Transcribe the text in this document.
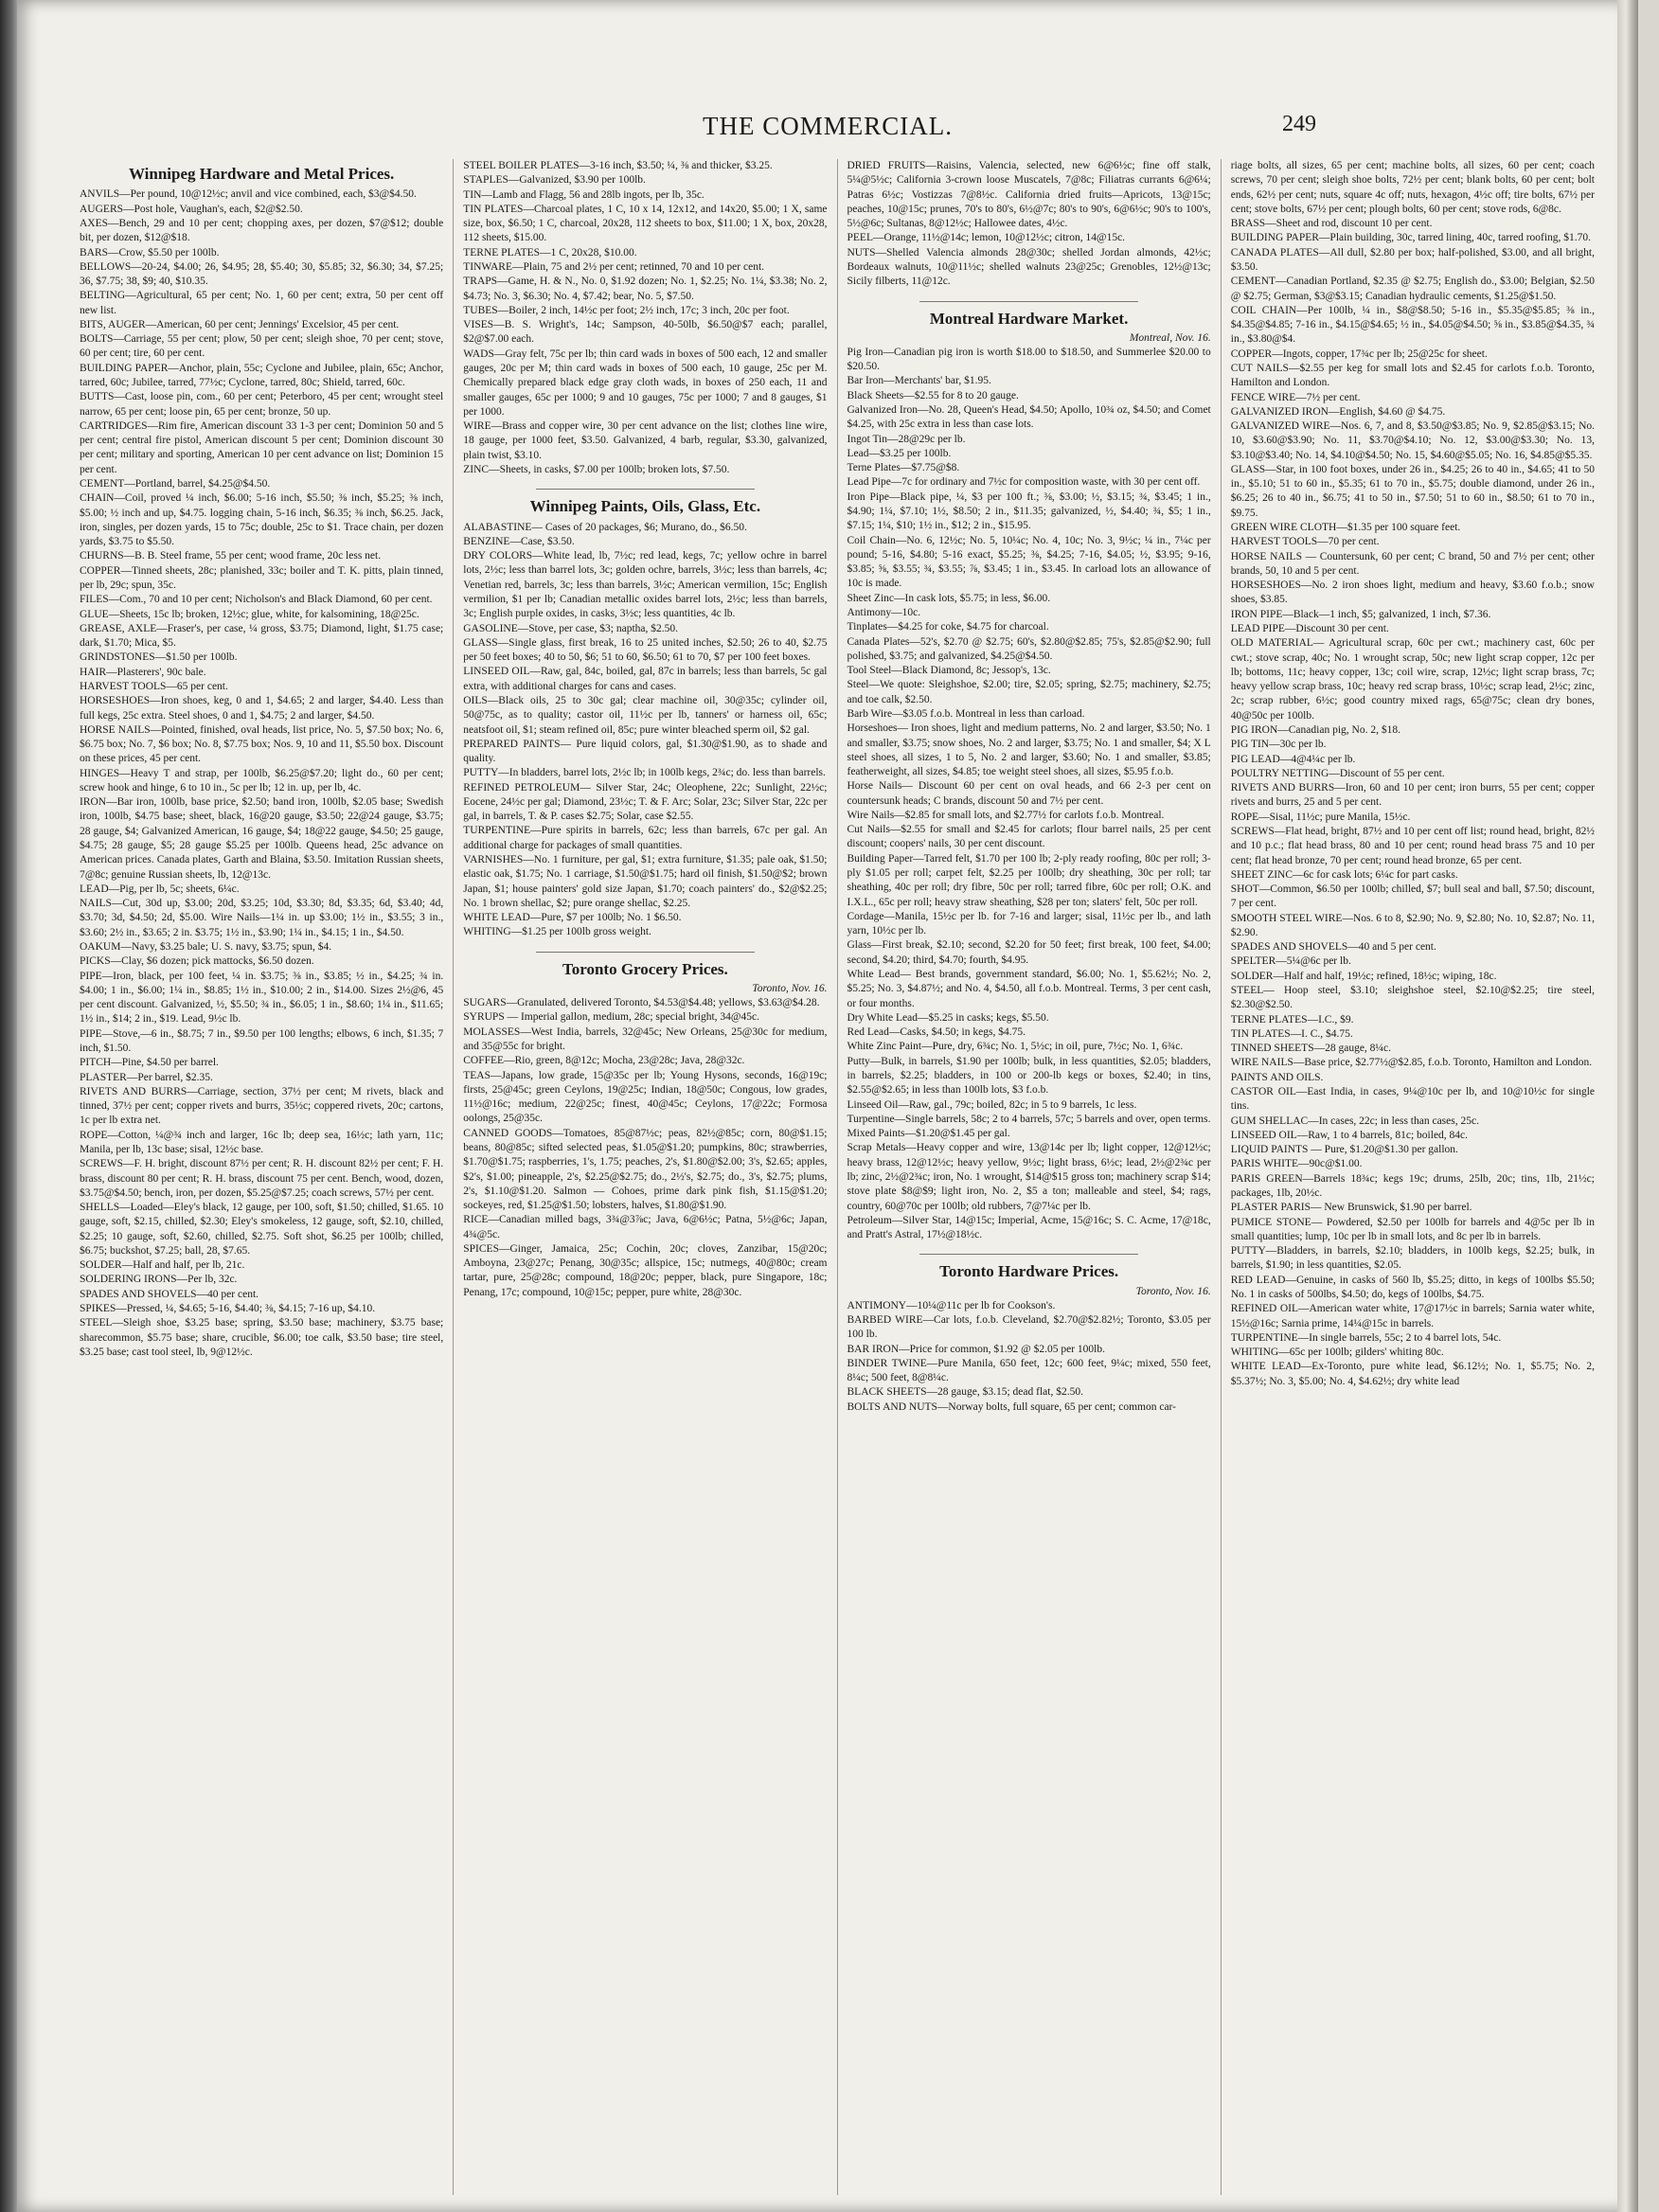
THE COMMERCIAL.	249
Winnipeg Hardware and Metal Prices.

ANVILS—Per pound, 10@12½c; anvil and vice combined, each, $3@$4.50.
AUGERS—Post hole, Vaughan's, each, $2@$2.50.
AXES—Bench, 29 and 10 per cent; chopping axes, per dozen, $7@$12; double bit, per dozen, $12@$18.
BARS—Crow, $5.50 per 100lb.
BELLOWS—20-24, $4.00; 26, $4.95; 28, $5.40; 30, $5.85; 32, $6.30; 34, $7.25; 36, $7.75; 38, $9; 40, $10.35.
BELTING—Agricultural, 65 per cent; No. 1, 60 per cent; extra, 50 per cent off new list.
BITS, AUGER—American, 60 per cent; Jennings' Excelsior, 45 per cent.
BOLTS—Carriage, 55 per cent; plow, 50 per cent; sleigh shoe, 70 per cent; stove, 60 per cent; tire, 60 per cent.
BUILDING PAPER—Anchor, plain, 55c; Cyclone and Jubilee, plain, 65c; Anchor, tarred, 60c; Jubilee, tarred, 77½c; Cyclone, tarred, 80c; Shield, tarred, 60c.
BUTTS—Cast, loose pin, com., 60 per cent; Peterboro, 45 per cent; wrought steel narrow, 65 per cent; loose pin, 65 per cent; bronze, 50 up.
CARTRIDGES—Rim fire, American discount 33 1-3 per cent; Dominion 50 and 5 per cent; central fire pistol, American discount 5 per cent; Dominion discount 30 per cent; military and sporting, American 10 per cent advance on list; Dominion 15 per cent.
CEMENT—Portland, barrel, $4.25@$4.50.
CHAIN—Coil, proved ¼ inch, $6.00; 5-16 inch, $5.50; ⅜ inch, $5.25; ⅜ inch, $5.00; ½ inch and up, $4.75. logging chain, 5-16 inch, $6.35; ⅜ inch, $6.25. Jack, iron, singles, per dozen yards, 15 to 75c; double, 25c to $1. Trace chain, per dozen yards, $3.75 to $5.50.
CHURNS—B. B. Steel frame, 55 per cent; wood frame, 20c less net.
COPPER—Tinned sheets, 28c; planished, 33c; boiler and T. K. pitts, plain tinned, per lb, 29c; spun, 35c.
FILES—Com., 70 and 10 per cent; Nicholson's and Black Diamond, 60 per cent.
GLUE—Sheets, 15c lb; broken, 12½c; glue, white, for kalsomining, 18@25c.
GREASE, AXLE—Fraser's, per case, ¼ gross, $3.75; Diamond, light, $1.75 case; dark, $1.70; Mica, $5.
GRINDSTONES—$1.50 per 100lb.
HAIR—Plasterers', 90c bale.
HARVEST TOOLS—65 per cent.
HORSESHOES—Iron shoes, keg, 0 and 1, $4.65; 2 and larger, $4.40. Less than full kegs, 25c extra. Steel shoes, 0 and 1, $4.75; 2 and larger, $4.50.
HORSE NAILS—Pointed, finished, oval heads, list price, No. 5, $7.50 box; No. 6, $6.75 box; No. 7, $6 box; No. 8, $7.75 box; Nos. 9, 10 and 11, $5.50 box. Discount on these prices, 45 per cent.
HINGES—Heavy T and strap, per 100lb, $6.25@$7.20; light do., 60 per cent; screw hook and hinge, 6 to 10 in., 5c per lb; 12 in. up, per lb, 4c.
IRON—Bar iron, 100lb, base price, $2.50; band iron, 100lb, $2.05 base; Swedish iron, 100lb, $4.75 base; sheet, black, 16@20 gauge, $3.50; 22@24 gauge, $3.75; 28 gauge, $4; Galvanized American, 16 gauge, $4; 18@22 gauge, $4.50; 25 gauge, $4.75; 28 gauge, $5; 28 gauge $5.25 per 100lb. Queens head, 25c advance on American prices. Canada plates, Garth and Blaina, $3.50. Imitation Russian sheets, 7@8c; genuine Russian sheets, lb, 12@13c.
LEAD—Pig, per lb, 5c; sheets, 6¼c.
NAILS—Cut, 30d up, $3.00; 20d, $3.25; 10d, $3.30; 8d, $3.35; 6d, $3.40; 4d, $3.70; 3d, $4.50; 2d, $5.00. Wire Nails—1¼ in. up $3.00; 1½ in., $3.55; 3 in., $3.60; 2½ in., $3.65; 2 in. $3.75; 1½ in., $3.90; 1¼ in., $4.15; 1 in., $4.50.
OAKUM—Navy, $3.25 bale; U. S. navy, $3.75; spun, $4.
PICKS—Clay, $6 dozen; pick mattocks, $6.50 dozen.
PIPE—Iron, black, per 100 feet, ¼ in. $3.75; ⅜ in., $3.85; ½ in., $4.25; ¾ in. $4.00; 1 in., $6.00; 1¼ in., $8.85; 1½ in., $10.00; 2 in., $14.00. Sizes 2½@6, 45 per cent discount. Galvanized, ½, $5.50; ¾ in., $6.05; 1 in., $8.60; 1¼ in., $11.65; 1½ in., $14; 2 in., $19. Lead, 9½c lb.
PIPE—Stove,—6 in., $8.75; 7 in., $9.50 per 100 lengths; elbows, 6 inch, $1.35; 7 inch, $1.50.
PITCH—Pine, $4.50 per barrel.
PLASTER—Per barrel, $2.35.
RIVETS AND BURRS—Carriage, section, 37½ per cent; M rivets, black and tinned, 37½ per cent; copper rivets and burrs, 35½c; coppered rivets, 20c; cartons, 1c per lb extra net.
ROPE—Cotton, ¼@¾ inch and larger, 16c lb; deep sea, 16½c; lath yarn, 11c; Manila, per lb, 13c base; sisal, 12½c base.
SCREWS—F. H. bright, discount 87½ per cent; R. H. discount 82½ per cent; F. H. brass, discount 80 per cent; R. H. brass, discount 75 per cent. Bench, wood, dozen, $3.75@$4.50; bench, iron, per dozen, $5.25@$7.25; coach screws, 57½ per cent.
SHELLS—Loaded—Eley's black, 12 gauge, per 100, soft, $1.50; chilled, $1.65. 10 gauge, soft, $2.15, chilled, $2.30; Eley's smokeless, 12 gauge, soft, $2.10, chilled, $2.25; 10 gauge, soft, $2.60, chilled, $2.75. Soft shot, $6.25 per 100lb; chilled, $6.75; buckshot, $7.25; ball, 28, $7.65.
SOLDER—Half and half, per lb, 21c.
SOLDERING IRONS—Per lb, 32c.
SPADES AND SHOVELS—40 per cent.
SPIKES—Pressed, ¼, $4.65; 5-16, $4.40; ⅜, $4.15; 7-16 up, $4.10.
STEEL—Sleigh shoe, $3.25 base; spring, $3.50 base; machinery, $3.75 base; sharecommon, $5.75 base; share, crucible, $6.00; toe calk, $3.50 base; tire steel, $3.25 base; cast tool steel, lb, 9@12½c.

STEEL BOILER PLATES—3-16 inch, $3.50; ¼, ⅜ and thicker, $3.25.
STAPLES—Galvanized, $3.90 per 100lb.
TIN—Lamb and Flagg, 56 and 28lb ingots, per lb, 35c.
TIN PLATES—Charcoal plates, 1 C, 10 x 14, 12x12, and 14x20, $5.00; 1 X, same size, box, $6.50; 1 C, charcoal, 20x28, 112 sheets to box, $11.00; 1 X, box, 20x28, 112 sheets, $15.00.
TERNE PLATES—1 C, 20x28, $10.00.
TINWARE—Plain, 75 and 2½ per cent; retinned, 70 and 10 per cent.
TRAPS—Game, H. & N., No. 0, $1.92 dozen; No. 1, $2.25; No. 1¼, $3.38; No. 2, $4.73; No. 3, $6.30; No. 4, $7.42; bear, No. 5, $7.50.
TUBES—Boiler, 2 inch, 14½c per foot; 2½ inch, 17c; 3 inch, 20c per foot.
VISES—B. S. Wright's, 14c; Sampson, 40-50lb, $6.50@$7 each; parallel, $2@$7.00 each.
WADS—Gray felt, 75c per lb; thin card wads in boxes of 500 each, 12 and smaller gauges, 20c per M; thin card wads in boxes of 500 each, 10 gauge, 25c per M. Chemically prepared black edge gray cloth wads, in boxes of 250 each, 11 and smaller gauges, 65c per 1000; 9 and 10 gauges, 75c per 1000; 7 and 8 gauges, $1 per 1000.
WIRE—Brass and copper wire, 30 per cent advance on the list; clothes line wire, 18 gauge, per 1000 feet, $3.50. Galvanized, 4 barb, regular, $3.30, galvanized, plain twist, $3.10.
ZINC—Sheets, in casks, $7.00 per 100lb; broken lots, $7.50.

Winnipeg Paints, Oils, Glass, Etc.

ALABASTINE— Cases of 20 packages, $6; Murano, do., $6.50.
BENZINE—Case, $3.50.
DRY COLORS—White lead, lb, 7½c; red lead, kegs, 7c; yellow ochre in barrel lots, 2½c; less than barrel lots, 3c; golden ochre, barrels, 3½c; less than barrels, 4c; Venetian red, barrels, 3c; less than barrels, 3½c; American vermilion, 15c; English vermilion, $1 per lb; Canadian metallic oxides barrel lots, 2½c; less than barrels, 3c; English purple oxides, in casks, 3½c; less quantities, 4c lb.
GASOLINE—Stove, per case, $3; naptha, $2.50.
GLASS—Single glass, first break, 16 to 25 united inches, $2.50; 26 to 40, $2.75 per 50 feet boxes; 40 to 50, $6; 51 to 60, $6.50; 61 to 70, $7 per 100 feet boxes.
LINSEED OIL—Raw, gal, 84c, boiled, gal, 87c in barrels; less than barrels, 5c gal extra, with additional charges for cans and cases.
OILS—Black oils, 25 to 30c gal; clear machine oil, 30@35c; cylinder oil, 50@75c, as to quality; castor oil, 11½c per lb, tanners' or harness oil, 65c; neatsfoot oil, $1; steam refined oil, 85c; pure winter bleached sperm oil, $2 gal.
PREPARED PAINTS— Pure liquid colors, gal, $1.30@$1.90, as to shade and quality.
PUTTY—In bladders, barrel lots, 2½c lb; in 100lb kegs, 2¾c; do. less than barrels.
REFINED PETROLEUM— Silver Star, 24c; Oleophene, 22c; Sunlight, 22½c; Eocene, 24½c per gal; Diamond, 23½c; T. & F. Arc; Solar, 23c; Silver Star, 22c per gal, in barrels, T. & P. cases $2.75; Solar, case $2.55.
TURPENTINE—Pure spirits in barrels, 62c; less than barrels, 67c per gal. An additional charge for packages of small quantities.
VARNISHES—No. 1 furniture, per gal, $1; extra furniture, $1.35; pale oak, $1.50; elastic oak, $1.75; No. 1 carriage, $1.50@$1.75; hard oil finish, $1.50@$2; brown Japan, $1; house painters' gold size Japan, $1.70; coach painters' do., $2@$2.25; No. 1 brown shellac, $2; pure orange shellac, $2.25.
WHITE LEAD—Pure, $7 per 100lb; No. 1 $6.50.
WHITING—$1.25 per 100lb gross weight.

Toronto Grocery Prices.
Toronto, Nov. 16.

SUGARS—Granulated, delivered Toronto, $4.53@$4.48; yellows, $3.63@$4.28.
SYRUPS — Imperial gallon, medium, 28c; special bright, 34@45c.
MOLASSES—West India, barrels, 32@45c; New Orleans, 25@30c for medium, and 35@55c for bright.
COFFEE—Rio, green, 8@12c; Mocha, 23@28c; Java, 28@32c.
TEAS—Japans, low grade, 15@35c per lb; Young Hysons, seconds, 16@19c; firsts, 25@45c; green Ceylons, 19@25c; Indian, 18@50c; Congous, low grades, 11½@16c; medium, 22@25c; finest, 40@45c; Ceylons, 17@22c; Formosa oolongs, 25@35c.
CANNED GOODS—Tomatoes, 85@87½c; peas, 82½@85c; corn, 80@$1.15; beans, 80@85c; sifted selected peas, $1.05@$1.20; pumpkins, 80c; strawberries, $1.70@$1.75; raspberries, 1's, 1.75; peaches, 2's, $1.80@$2.00; 3's, $2.65; apples, $2's, $1.00; pineapple, 2's, $2.25@$2.75; do., 2½'s, $2.75; do., 3's, $2.75; plums, 2's, $1.10@$1.20. Salmon — Cohoes, prime dark pink fish, $1.15@$1.20; sockeyes, red, $1.25@$1.50; lobsters, halves, $1.80@$1.90.
RICE—Canadian milled bags, 3¾@3⅞c; Java, 6@6½c; Patna, 5½@6c; Japan, 4¾@5c.
SPICES—Ginger, Jamaica, 25c; Cochin, 20c; cloves, Zanzibar, 15@20c; Amboyna, 23@27c; Penang, 30@35c; allspice, 15c; nutmegs, 40@80c; cream tartar, pure, 25@28c; compound, 18@20c; pepper, black, pure Singapore, 18c; Penang, 17c; compound, 10@15c; pepper, pure white, 28@30c.

DRIED FRUITS—Raisins, Valencia, selected, new 6@6½c; fine off stalk, 5¼@5½c; California 3-crown loose Muscatels, 7@8c; Filiatras currants 6@6¼; Patras 6½c; Vostizzas 7@8½c. California dried fruits—Apricots, 13@15c; peaches, 10@15c; prunes, 70's to 80's, 6½@7c; 80's to 90's, 6@6½c; 90's to 100's, 5½@6c; Sultanas, 8@12½c; Hallowee dates, 4½c.
PEEL—Orange, 11½@14c; lemon, 10@12½c; citron, 14@15c.
NUTS—Shelled Valencia almonds 28@30c; shelled Jordan almonds, 42½c; Bordeaux walnuts, 10@11½c; shelled walnuts 23@25c; Grenobles, 12½@13c; Sicily filberts, 11@12c.

Montreal Hardware Market.
Montreal, Nov. 16.

Pig Iron—Canadian pig iron is worth $18.00 to $18.50, and Summerlee $20.00 to $20.50.
Bar Iron—Merchants' bar, $1.95.
Black Sheets—$2.55 for 8 to 20 gauge.
Galvanized Iron—No. 28, Queen's Head, $4.50; Apollo, 10¾ oz, $4.50; and Comet $4.25, with 25c extra in less than case lots.
Ingot Tin—28@29c per lb.
Lead—$3.25 per 100lb.
Terne Plates—$7.75@$8.
Lead Pipe—7c for ordinary and 7½c for composition waste, with 30 per cent off.
Iron Pipe—Black pipe, ¼, $3 per 100 ft.; ⅜, $3.00; ½, $3.15; ¾, $3.45; 1 in., $4.90; 1¼, $7.10; 1½, $8.50; 2 in., $11.35; galvanized, ½, $4.40; ¾, $5; 1 in., $7.15; 1¼, $10; 1½ in., $12; 2 in., $15.95.
Coil Chain—No. 6, 12½c; No. 5, 10¼c; No. 4, 10c; No. 3, 9½c; ¼ in., 7¼c per pound; 5-16, $4.80; 5-16 exact, $5.25; ⅜, $4.25; 7-16, $4.05; ½, $3.95; 9-16, $3.85; ⅝, $3.55; ¾, $3.55; ⅞, $3.45; 1 in., $3.45. In carload lots an allowance of 10c is made.
Sheet Zinc—In cask lots, $5.75; in less, $6.00.
Antimony—10c.
Tinplates—$4.25 for coke, $4.75 for charcoal.
Canada Plates—52's, $2.70 @ $2.75; 60's, $2.80@$2.85; 75's, $2.85@$2.90; full polished, $3.75; and galvanized, $4.25@$4.50.
Tool Steel—Black Diamond, 8c; Jessop's, 13c.
Steel—We quote: Sleighshoe, $2.00; tire, $2.05; spring, $2.75; machinery, $2.75; and toe calk, $2.50.
Barb Wire—$3.05 f.o.b. Montreal in less than carload.
Horseshoes— Iron shoes, light and medium patterns, No. 2 and larger, $3.50; No. 1 and smaller, $3.75; snow shoes, No. 2 and larger, $3.75; No. 1 and smaller, $4; X L steel shoes, all sizes, 1 to 5, No. 2 and larger, $3.60; No. 1 and smaller, $3.85; featherweight, all sizes, $4.85; toe weight steel shoes, all sizes, $5.95 f.o.b.
Horse Nails— Discount 60 per cent on oval heads, and 66 2-3 per cent on countersunk heads; C brands, discount 50 and 7½ per cent.
Wire Nails—$2.85 for small lots, and $2.77½ for carlots f.o.b. Montreal.
Cut Nails—$2.55 for small and $2.45 for carlots; flour barrel nails, 25 per cent discount; coopers' nails, 30 per cent discount.
Building Paper—Tarred felt, $1.70 per 100 lb; 2-ply ready roofing, 80c per roll; 3-ply $1.05 per roll; carpet felt, $2.25 per 100lb; dry sheathing, 30c per roll; tar sheathing, 40c per roll; dry fibre, 50c per roll; tarred fibre, 60c per roll; O.K. and I.X.L., 65c per roll; heavy straw sheathing, $28 per ton; slaters' felt, 50c per roll.
Cordage—Manila, 15½c per lb. for 7-16 and larger; sisal, 11½c per lb., and lath yarn, 10½c per lb.
Glass—First break, $2.10; second, $2.20 for 50 feet; first break, 100 feet, $4.00; second, $4.20; third, $4.70; fourth, $4.95.
White Lead— Best brands, government standard, $6.00; No. 1, $5.62½; No. 2, $5.25; No. 3, $4.87½; and No. 4, $4.50, all f.o.b. Montreal. Terms, 3 per cent cash, or four months.
Dry White Lead—$5.25 in casks; kegs, $5.50.
Red Lead—Casks, $4.50; in kegs, $4.75.
White Zinc Paint—Pure, dry, 6¾c; No. 1, 5½c; in oil, pure, 7½c; No. 1, 6¾c.
Putty—Bulk, in barrels, $1.90 per 100lb; bulk, in less quantities, $2.05; bladders, in barrels, $2.25; bladders, in 100 or 200-lb kegs or boxes, $2.40; in tins, $2.55@$2.65; in less than 100lb lots, $3 f.o.b.
Linseed Oil—Raw, gal., 79c; boiled, 82c; in 5 to 9 barrels, 1c less.
Turpentine—Single barrels, 58c; 2 to 4 barrels, 57c; 5 barrels and over, open terms.
Mixed Paints—$1.20@$1.45 per gal.
Scrap Metals—Heavy copper and wire, 13@14c per lb; light copper, 12@12½c; heavy brass, 12@12½c; heavy yellow, 9½c; light brass, 6½c; lead, 2½@2¾c per lb; zinc, 2½@2¾c; iron, No. 1 wrought, $14@$15 gross ton; machinery scrap $14; stove plate $8@$9; light iron, No. 2, $5 a ton; malleable and steel, $4; rags, country, 60@70c per 100lb; old rubbers, 7@7¼c per lb.
Petroleum—Silver Star, 14@15c; Imperial, Acme, 15@16c; S. C. Acme, 17@18c, and Pratt's Astral, 17½@18½c.

Toronto Hardware Prices.
Toronto, Nov. 16.

ANTIMONY—10¼@11c per lb for Cookson's.
BARBED WIRE—Car lots, f.o.b. Cleveland, $2.70@$2.82½; Toronto, $3.05 per 100 lb.
BAR IRON—Price for common, $1.92 @ $2.05 per 100lb.
BINDER TWINE—Pure Manila, 650 feet, 12c; 600 feet, 9¼c; mixed, 550 feet, 8¼c; 500 feet, 8@8¼c.
BLACK SHEETS—28 gauge, $3.15; dead flat, $2.50.
BOLTS AND NUTS—Norway bolts, full square, 65 per cent; common car-

riage bolts, all sizes, 65 per cent; machine bolts, all sizes, 60 per cent; coach screws, 70 per cent; sleigh shoe bolts, 72½ per cent; blank bolts, 60 per cent; bolt ends, 62½ per cent; nuts, square 4c off; nuts, hexagon, 4½c off; tire bolts, 67½ per cent; stove bolts, 67½ per cent; plough bolts, 60 per cent; stove rods, 6@8c.
BRASS—Sheet and rod, discount 10 per cent.
BUILDING PAPER—Plain building, 30c, tarred lining, 40c, tarred roofing, $1.70.
CANADA PLATES—All dull, $2.80 per box; half-polished, $3.00, and all bright, $3.50.
CEMENT—Canadian Portland, $2.35 @ $2.75; English do., $3.00; Belgian, $2.50 @ $2.75; German, $3@$3.15; Canadian hydraulic cements, $1.25@$1.50.
COIL CHAIN—Per 100lb, ¼ in., $8@$8.50; 5-16 in., $5.35@$5.85; ⅜ in., $4.35@$4.85; 7-16 in., $4.15@$4.65; ½ in., $4.05@$4.50; ⅝ in., $3.85@$4.35, ¾ in., $3.80@$4.
COPPER—Ingots, copper, 17¾c per lb; 25@25c for sheet.
CUT NAILS—$2.55 per keg for small lots and $2.45 for carlots f.o.b. Toronto, Hamilton and London.
FENCE WIRE—7½ per cent.
GALVANIZED IRON—English, $4.60 @ $4.75.
GALVANIZED WIRE—Nos. 6, 7, and 8, $3.50@$3.85; No. 9, $2.85@$3.15; No. 10, $3.60@$3.90; No. 11, $3.70@$4.10; No. 12, $3.00@$3.30; No. 13, $3.10@$3.40; No. 14, $4.10@$4.50; No. 15, $4.60@$5.05; No. 16, $4.85@$5.35.
GLASS—Star, in 100 foot boxes, under 26 in., $4.25; 26 to 40 in., $4.65; 41 to 50 in., $5.10; 51 to 60 in., $5.35; 61 to 70 in., $5.75; double diamond, under 26 in., $6.25; 26 to 40 in., $6.75; 41 to 50 in., $7.50; 51 to 60 in., $8.50; 61 to 70 in., $9.75.
GREEN WIRE CLOTH—$1.35 per 100 square feet.
HARVEST TOOLS—70 per cent.
HORSE NAILS — Countersunk, 60 per cent; C brand, 50 and 7½ per cent; other brands, 50, 10 and 5 per cent.
HORSESHOES—No. 2 iron shoes light, medium and heavy, $3.60 f.o.b.; snow shoes, $3.85.
IRON PIPE—Black—1 inch, $5; galvanized, 1 inch, $7.36.
LEAD PIPE—Discount 30 per cent.
OLD MATERIAL— Agricultural scrap, 60c per cwt.; machinery cast, 60c per cwt.; stove scrap, 40c; No. 1 wrought scrap, 50c; new light scrap copper, 12c per lb; bottoms, 11c; heavy copper, 13c; coil wire, scrap, 12½c; light scrap brass, 7c; heavy yellow scrap brass, 10c; heavy red scrap brass, 10½c; scrap lead, 2½c; zinc, 2c; scrap rubber, 6½c; good country mixed rags, 65@75c; clean dry bones, 40@50c per 100lb.
PIG IRON—Canadian pig, No. 2, $18.
PIG TIN—30c per lb.
PIG LEAD—4@4¼c per lb.
POULTRY NETTING—Discount of 55 per cent.
RIVETS AND BURRS—Iron, 60 and 10 per cent; iron burrs, 55 per cent; copper rivets and burrs, 25 and 5 per cent.
ROPE—Sisal, 11½c; pure Manila, 15½c.
SCREWS—Flat head, bright, 87½ and 10 per cent off list; round head, bright, 82½ and 10 p.c.; flat head brass, 80 and 10 per cent; round head brass 75 and 10 per cent; flat head bronze, 70 per cent; round head bronze, 65 per cent.
SHEET ZINC—6c for cask lots; 6¼c for part casks.
SHOT—Common, $6.50 per 100lb; chilled, $7; bull seal and ball, $7.50; discount, 7 per cent.
SMOOTH STEEL WIRE—Nos. 6 to 8, $2.90; No. 9, $2.80; No. 10, $2.87; No. 11, $2.90.
SPADES AND SHOVELS—40 and 5 per cent.
SPELTER—5¼@6c per lb.
SOLDER—Half and half, 19½c; refined, 18½c; wiping, 18c.
STEEL— Hoop steel, $3.10; sleighshoe steel, $2.10@$2.25; tire steel, $2.30@$2.50.
TERNE PLATES—I.C., $9.
TIN PLATES—I. C., $4.75.
TINNED SHEETS—28 gauge, 8¼c.
WIRE NAILS—Base price, $2.77½@$2.85, f.o.b. Toronto, Hamilton and London.
PAINTS AND OILS.
CASTOR OIL—East India, in cases, 9¼@10c per lb, and 10@10½c for single tins.
GUM SHELLAC—In cases, 22c; in less than cases, 25c.
LINSEED OIL—Raw, 1 to 4 barrels, 81c; boiled, 84c.
LIQUID PAINTS — Pure, $1.20@$1.30 per gallon.
PARIS WHITE—90c@$1.00.
PARIS GREEN—Barrels 18¾c; kegs 19c; drums, 25lb, 20c; tins, 1lb, 21½c; packages, 1lb, 20½c.
PLASTER PARIS— New Brunswick, $1.90 per barrel.
PUMICE STONE— Powdered, $2.50 per 100lb for barrels and 4@5c per lb in small quantities; lump, 10c per lb in small lots, and 8c per lb in barrels.
PUTTY—Bladders, in barrels, $2.10; bladders, in 100lb kegs, $2.25; bulk, in barrels, $1.90; in less quantities, $2.05.
RED LEAD—Genuine, in casks of 560 lb, $5.25; ditto, in kegs of 100lbs $5.50; No. 1 in casks of 500lbs, $4.50; do, kegs of 100lbs, $4.75.
REFINED OIL—American water white, 17@17½c in barrels; Sarnia water white, 15½@16c; Sarnia prime, 14¼@15c in barrels.
TURPENTINE—In single barrels, 55c; 2 to 4 barrel lots, 54c.
WHITING—65c per 100lb; gilders' whiting 80c.
WHITE LEAD—Ex-Toronto, pure white lead, $6.12½; No. 1, $5.75; No. 2, $5.37½; No. 3, $5.00; No. 4, $4.62½; dry white lead
